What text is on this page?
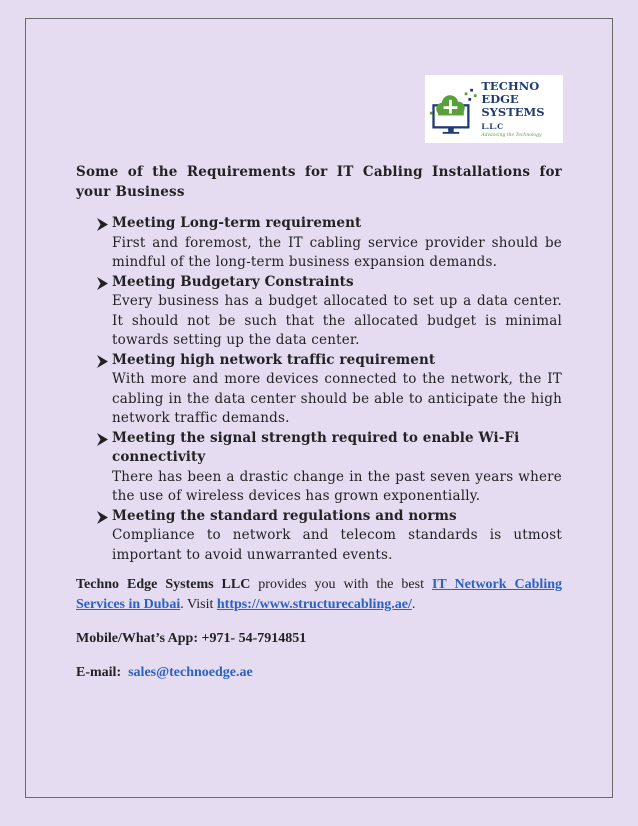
TECHNO
EDGE
SYSTEMS L.L.C
Advancing the Technology

Some of the Requirements for IT Cabling Installations for your Business

Meeting Long-term requirement
First and foremost, the IT cabling service provider should be mindful of the long-term business expansion demands.
Meeting Budgetary Constraints
Every business has a budget allocated to set up a data center. It should not be such that the allocated budget is minimal towards setting up the data center.
Meeting high network traffic requirement
With more and more devices connected to the network, the IT cabling in the data center should be able to anticipate the high network traffic demands.
Meeting the signal strength required to enable Wi-Fi connectivity
There has been a drastic change in the past seven years where the use of wireless devices has grown exponentially.
Meeting the standard regulations and norms
Compliance to network and telecom standards is utmost important to avoid unwarranted events.

Techno Edge Systems LLC provides you with the best IT Network Cabling Services in Dubai. Visit https://www.structurecabling.ae/.

Mobile/What’s App: +971- 54-7914851

E-mail: sales@technoedge.ae
